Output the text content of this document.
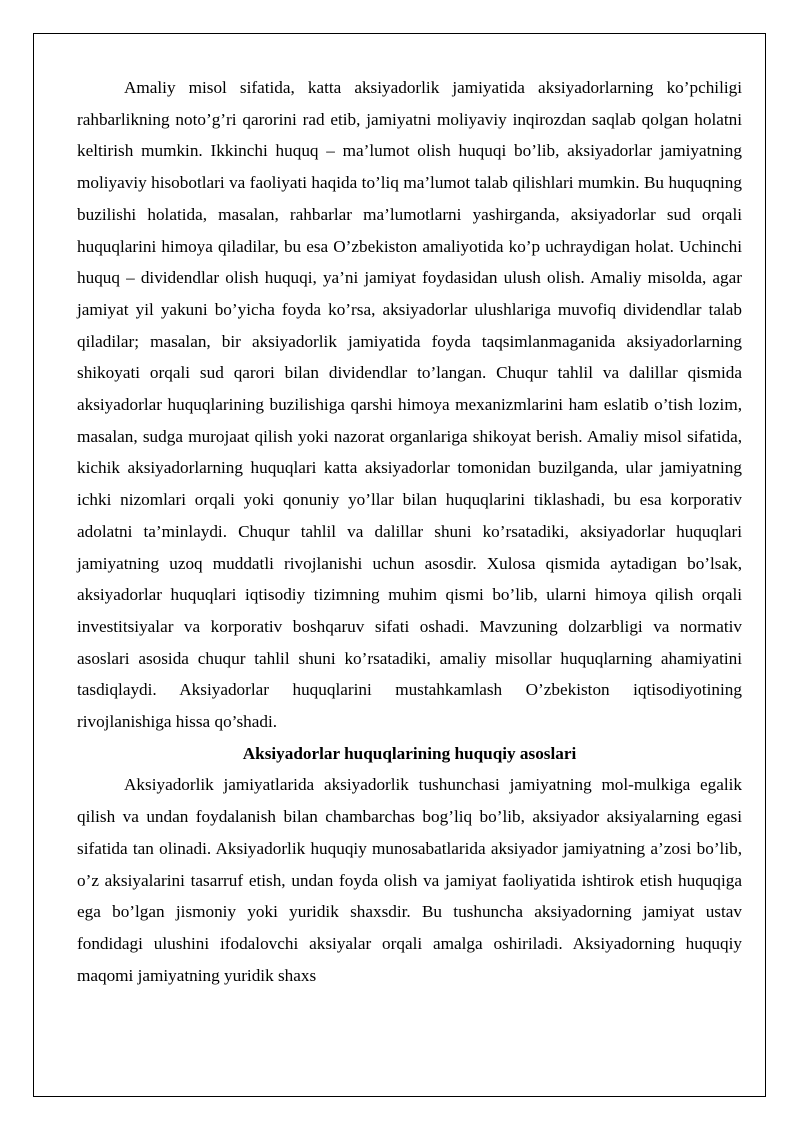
Amaliy misol sifatida, katta aksiyadorlik jamiyatida aksiyadorlarning ko’pchiligi rahbarlikning noto’g’ri qarorini rad etib, jamiyatni moliyaviy inqirozdan saqlab qolgan holatni keltirish mumkin. Ikkinchi huquq – ma’lumot olish huquqi bo’lib, aksiyadorlar jamiyatning moliyaviy hisobotlari va faoliyati haqida to’liq ma’lumot talab qilishlari mumkin. Bu huquqning buzilishi holatida, masalan, rahbarlar ma’lumotlarni yashirganda, aksiyadorlar sud orqali huquqlarini himoya qiladilar, bu esa O’zbekiston amaliyotida ko’p uchraydigan holat. Uchinchi huquq – dividendlar olish huquqi, ya’ni jamiyat foydasidan ulush olish. Amaliy misolda, agar jamiyat yil yakuni bo’yicha foyda ko’rsa, aksiyadorlar ulushlariga muvofiq dividendlar talab qiladilar; masalan, bir aksiyadorlik jamiyatida foyda taqsimlanmaganida aksiyadorlarning shikoyati orqali sud qarori bilan dividendlar to’langan. Chuqur tahlil va dalillar qismida aksiyadorlar huquqlarining buzilishiga qarshi himoya mexanizmlarini ham eslatib o’tish lozim, masalan, sudga murojaat qilish yoki nazorat organlariga shikoyat berish. Amaliy misol sifatida, kichik aksiyadorlarning huquqlari katta aksiyadorlar tomonidan buzilganda, ular jamiyatning ichki nizomlari orqali yoki qonuniy yo’llar bilan huquqlarini tiklashadi, bu esa korporativ adolatni ta’minlaydi. Chuqur tahlil va dalillar shuni ko’rsatadiki, aksiyadorlar huquqlari jamiyatning uzoq muddatli rivojlanishi uchun asosdir. Xulosa qismida aytadigan bo’lsak, aksiyadorlar huquqlari iqtisodiy tizimning muhim qismi bo’lib, ularni himoya qilish orqali investitsiyalar va korporativ boshqaruv sifati oshadi. Mavzuning dolzarbligi va normativ asoslari asosida chuqur tahlil shuni ko’rsatadiki, amaliy misollar huquqlarning ahamiyatini tasdiqlaydi. Aksiyadorlar huquqlarini mustahkamlash O’zbekiston iqtisodiyotining rivojlanishiga hissa qo’shadi.

Aksiyadorlar huquqlarining huquqiy asoslari

Aksiyadorlik jamiyatlarida aksiyadorlik tushunchasi jamiyatning mol-mulkiga egalik qilish va undan foydalanish bilan chambarchas bog’liq bo’lib, aksiyador aksiyalarning egasi sifatida tan olinadi. Aksiyadorlik huquqiy munosabatlarida aksiyador jamiyatning a’zosi bo’lib, o’z aksiyalarini tasarruf etish, undan foyda olish va jamiyat faoliyatida ishtirok etish huquqiga ega bo’lgan jismoniy yoki yuridik shaxsdir. Bu tushuncha aksiyadorning jamiyat ustav fondidagi ulushini ifodalovchi aksiyalar orqali amalga oshiriladi. Aksiyadorning huquqiy maqomi jamiyatning yuridik shaxs
